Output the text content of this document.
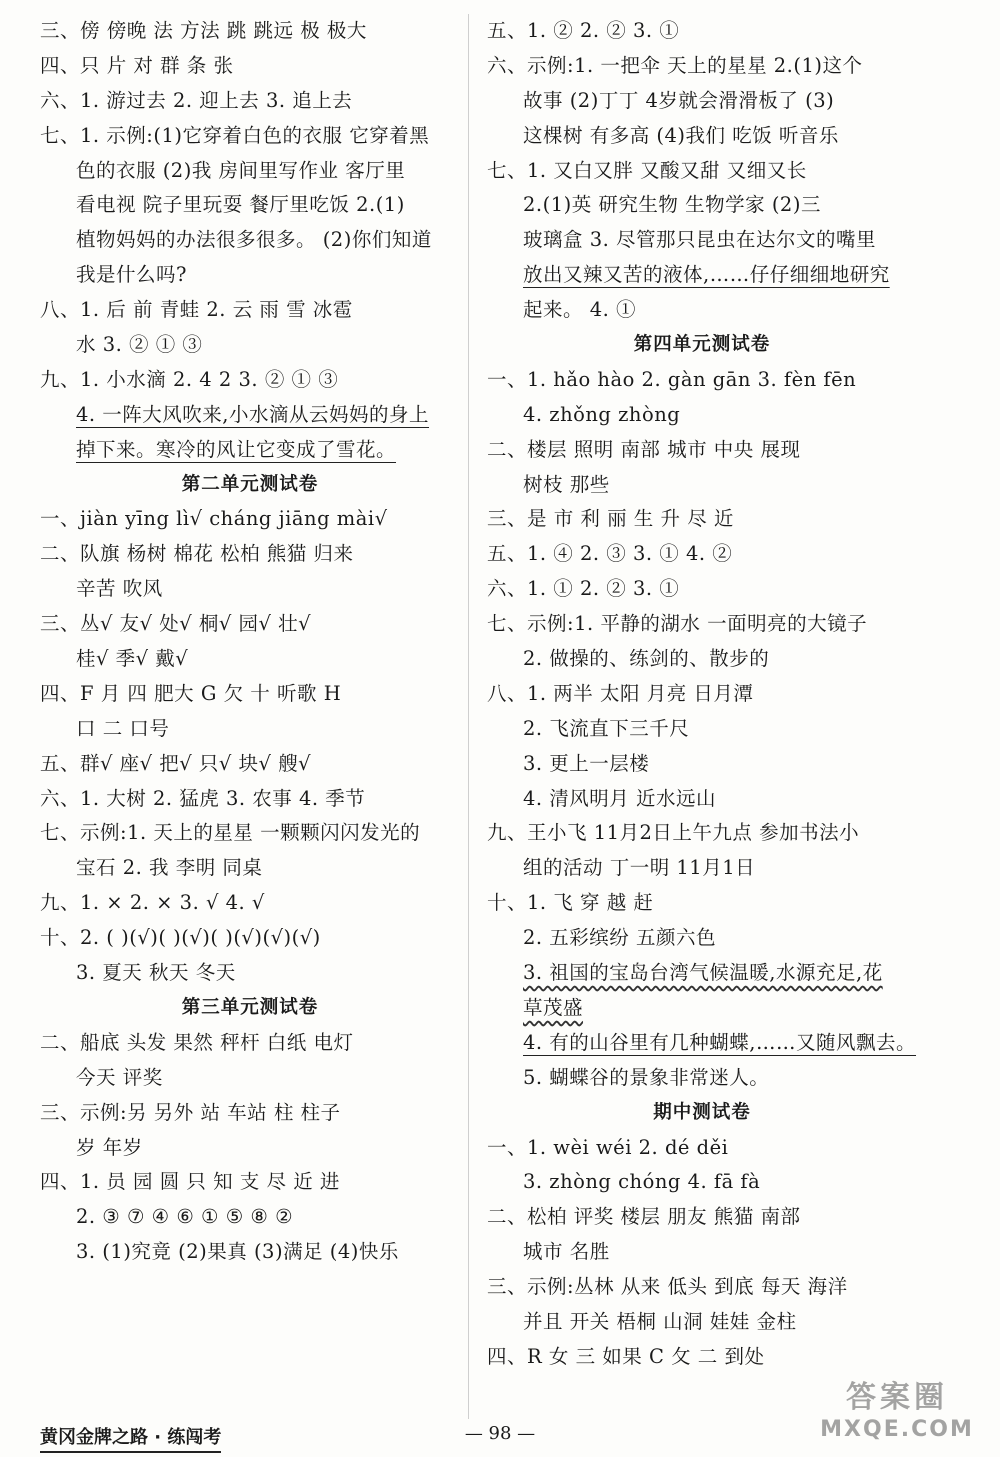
三、傍 傍晚 法 方法 跳 跳远 极 极大
四、只 片 对 群 条 张
六、1. 游过去 2. 迎上去 3. 追上去
七、1. 示例:(1)它穿着白色的衣服 它穿着黑
色的衣服 (2)我 房间里写作业 客厅里
看电视 院子里玩耍 餐厅里吃饭 2.(1)
植物妈妈的办法很多很多。 (2)你们知道
我是什么吗?
八、1. 后 前 青蛙 2. 云 雨 雪 冰雹
水 3. ② ① ③
九、1. 小水滴 2. 4 2 3. ② ① ③
4. 一阵大风吹来,小水滴从云妈妈的身上
掉下来。寒冷的风让它变成了雪花。
第二单元测试卷
一、jiàn yīng lì√ cháng jiāng mài√
二、队旗 杨树 棉花 松柏 熊猫 归来
辛苦 吹风
三、丛√ 友√ 处√ 桐√ 园√ 壮√
桂√ 季√ 戴√
四、F 月 四 肥大 G 欠 十 听歌 H
口 二 口号
五、群√ 座√ 把√ 只√ 块√ 艘√
六、1. 大树 2. 猛虎 3. 农事 4. 季节
七、示例:1. 天上的星星 一颗颗闪闪发光的
宝石 2. 我 李明 同桌
九、1. × 2. × 3. √ 4. √
十、2. ( )(√)( )(√)( )(√)(√)(√)
3. 夏天 秋天 冬天
第三单元测试卷
二、船底 头发 果然 秤杆 白纸 电灯
今天 评奖
三、示例:另 另外 站 车站 柱 柱子
岁 年岁
四、1. 员 园 圆 只 知 支 尽 近 进
2. ③ ⑦ ④ ⑥ ① ⑤ ⑧ ②
3. (1)究竟 (2)果真 (3)满足 (4)快乐
五、1. ② 2. ② 3. ①
六、示例:1. 一把伞 天上的星星 2.(1)这个
故事 (2)丁丁 4岁就会滑滑板了 (3)
这棵树 有多高 (4)我们 吃饭 听音乐
七、1. 又白又胖 又酸又甜 又细又长
2.(1)英 研究生物 生物学家 (2)三
玻璃盒 3. 尽管那只昆虫在达尔文的嘴里
放出又辣又苦的液体,……仔仔细细地研究
起来。 4. ①
第四单元测试卷
一、1. hǎo hào 2. gàn gān 3. fèn fēn
4. zhǒng zhòng
二、楼层 照明 南部 城市 中央 展现
树枝 那些
三、是 市 利 丽 生 升 尽 近
五、1. ④ 2. ③ 3. ① 4. ②
六、1. ① 2. ② 3. ①
七、示例:1. 平静的湖水 一面明亮的大镜子
2. 做操的、练剑的、散步的
八、1. 两半 太阳 月亮 日月潭
2. 飞流直下三千尺
3. 更上一层楼
4. 清风明月 近水远山
九、王小飞 11月2日上午九点 参加书法小
组的活动 丁一明 11月1日
十、1. 飞 穿 越 赶
2. 五彩缤纷 五颜六色
3. 祖国的宝岛台湾气候温暖,水源充足,花
草茂盛
4. 有的山谷里有几种蝴蝶,……又随风飘去。
5. 蝴蝶谷的景象非常迷人。
期中测试卷
一、1. wèi wéi 2. dé děi
3. zhòng chóng 4. fā fà
二、松柏 评奖 楼层 朋友 熊猫 南部
城市 名胜
三、示例:丛林 从来 低头 到底 每天 海洋
并且 开关 梧桐 山洞 娃娃 金柱
四、R 女 三 如果 C 攵 二 到处
黄冈金牌之路 · 练闯考	— 98 —
答案圈
MXQE.COM
